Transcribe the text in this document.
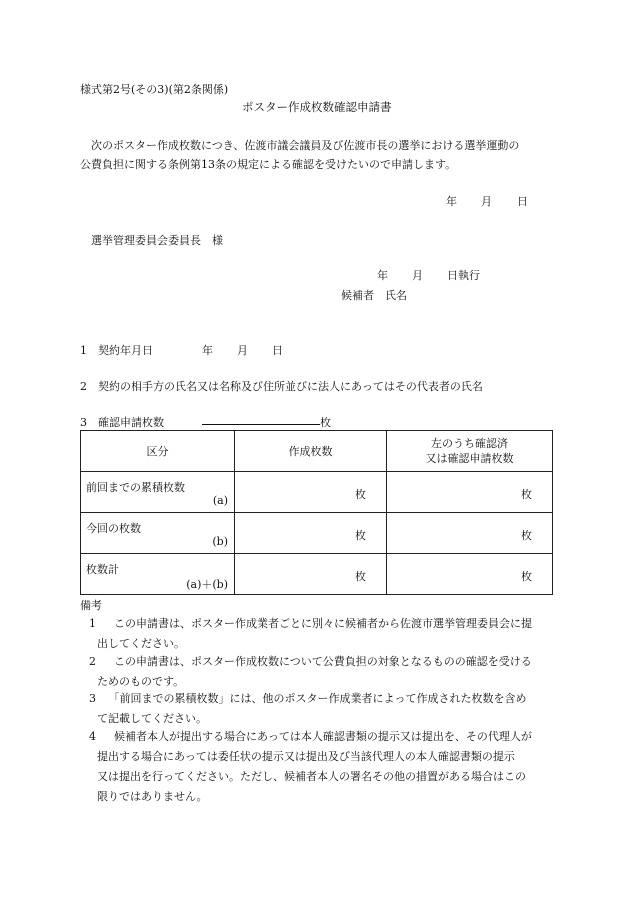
様式第2号(その3)(第2条関係)
ポスター作成枚数確認申請書
次のポスター作成枚数につき、佐渡市議会議員及び佐渡市長の選挙における選挙運動の
公費負担に関する条例第13条の規定による確認を受けたいので申請します。
年 月 日
選挙管理委員会委員長　様
年 月 日執行
候補者　氏名
1　契約年月日	年 月 日
2　契約の相手方の氏名又は名称及び住所並びに法人にあってはその代表者の氏名
3　確認申請枚数	枚
区分	作成枚数	左のうち確認済
又は確認申請枚数

前回までの累積枚数
(a)	枚	枚

今回の枚数
(b)	枚	枚

枚数計
(a)＋(b)	枚	枚
備考
1　 この申請書は、ポスター作成業者ごとに別々に候補者から佐渡市選挙管理委員会に提
出してください。
2　 この申請書は、ポスター作成枚数について公費負担の対象となるものの確認を受ける
ためのものです。
3　 「前回までの累積枚数」には、他のポスター作成業者によって作成された枚数を含め
て記載してください。
4　 候補者本人が提出する場合にあっては本人確認書類の提示又は提出を、その代理人が
提出する場合にあっては委任状の提示又は提出及び当該代理人の本人確認書類の提示
又は提出を行ってください。ただし、候補者本人の署名その他の措置がある場合はこの
限りではありません。
